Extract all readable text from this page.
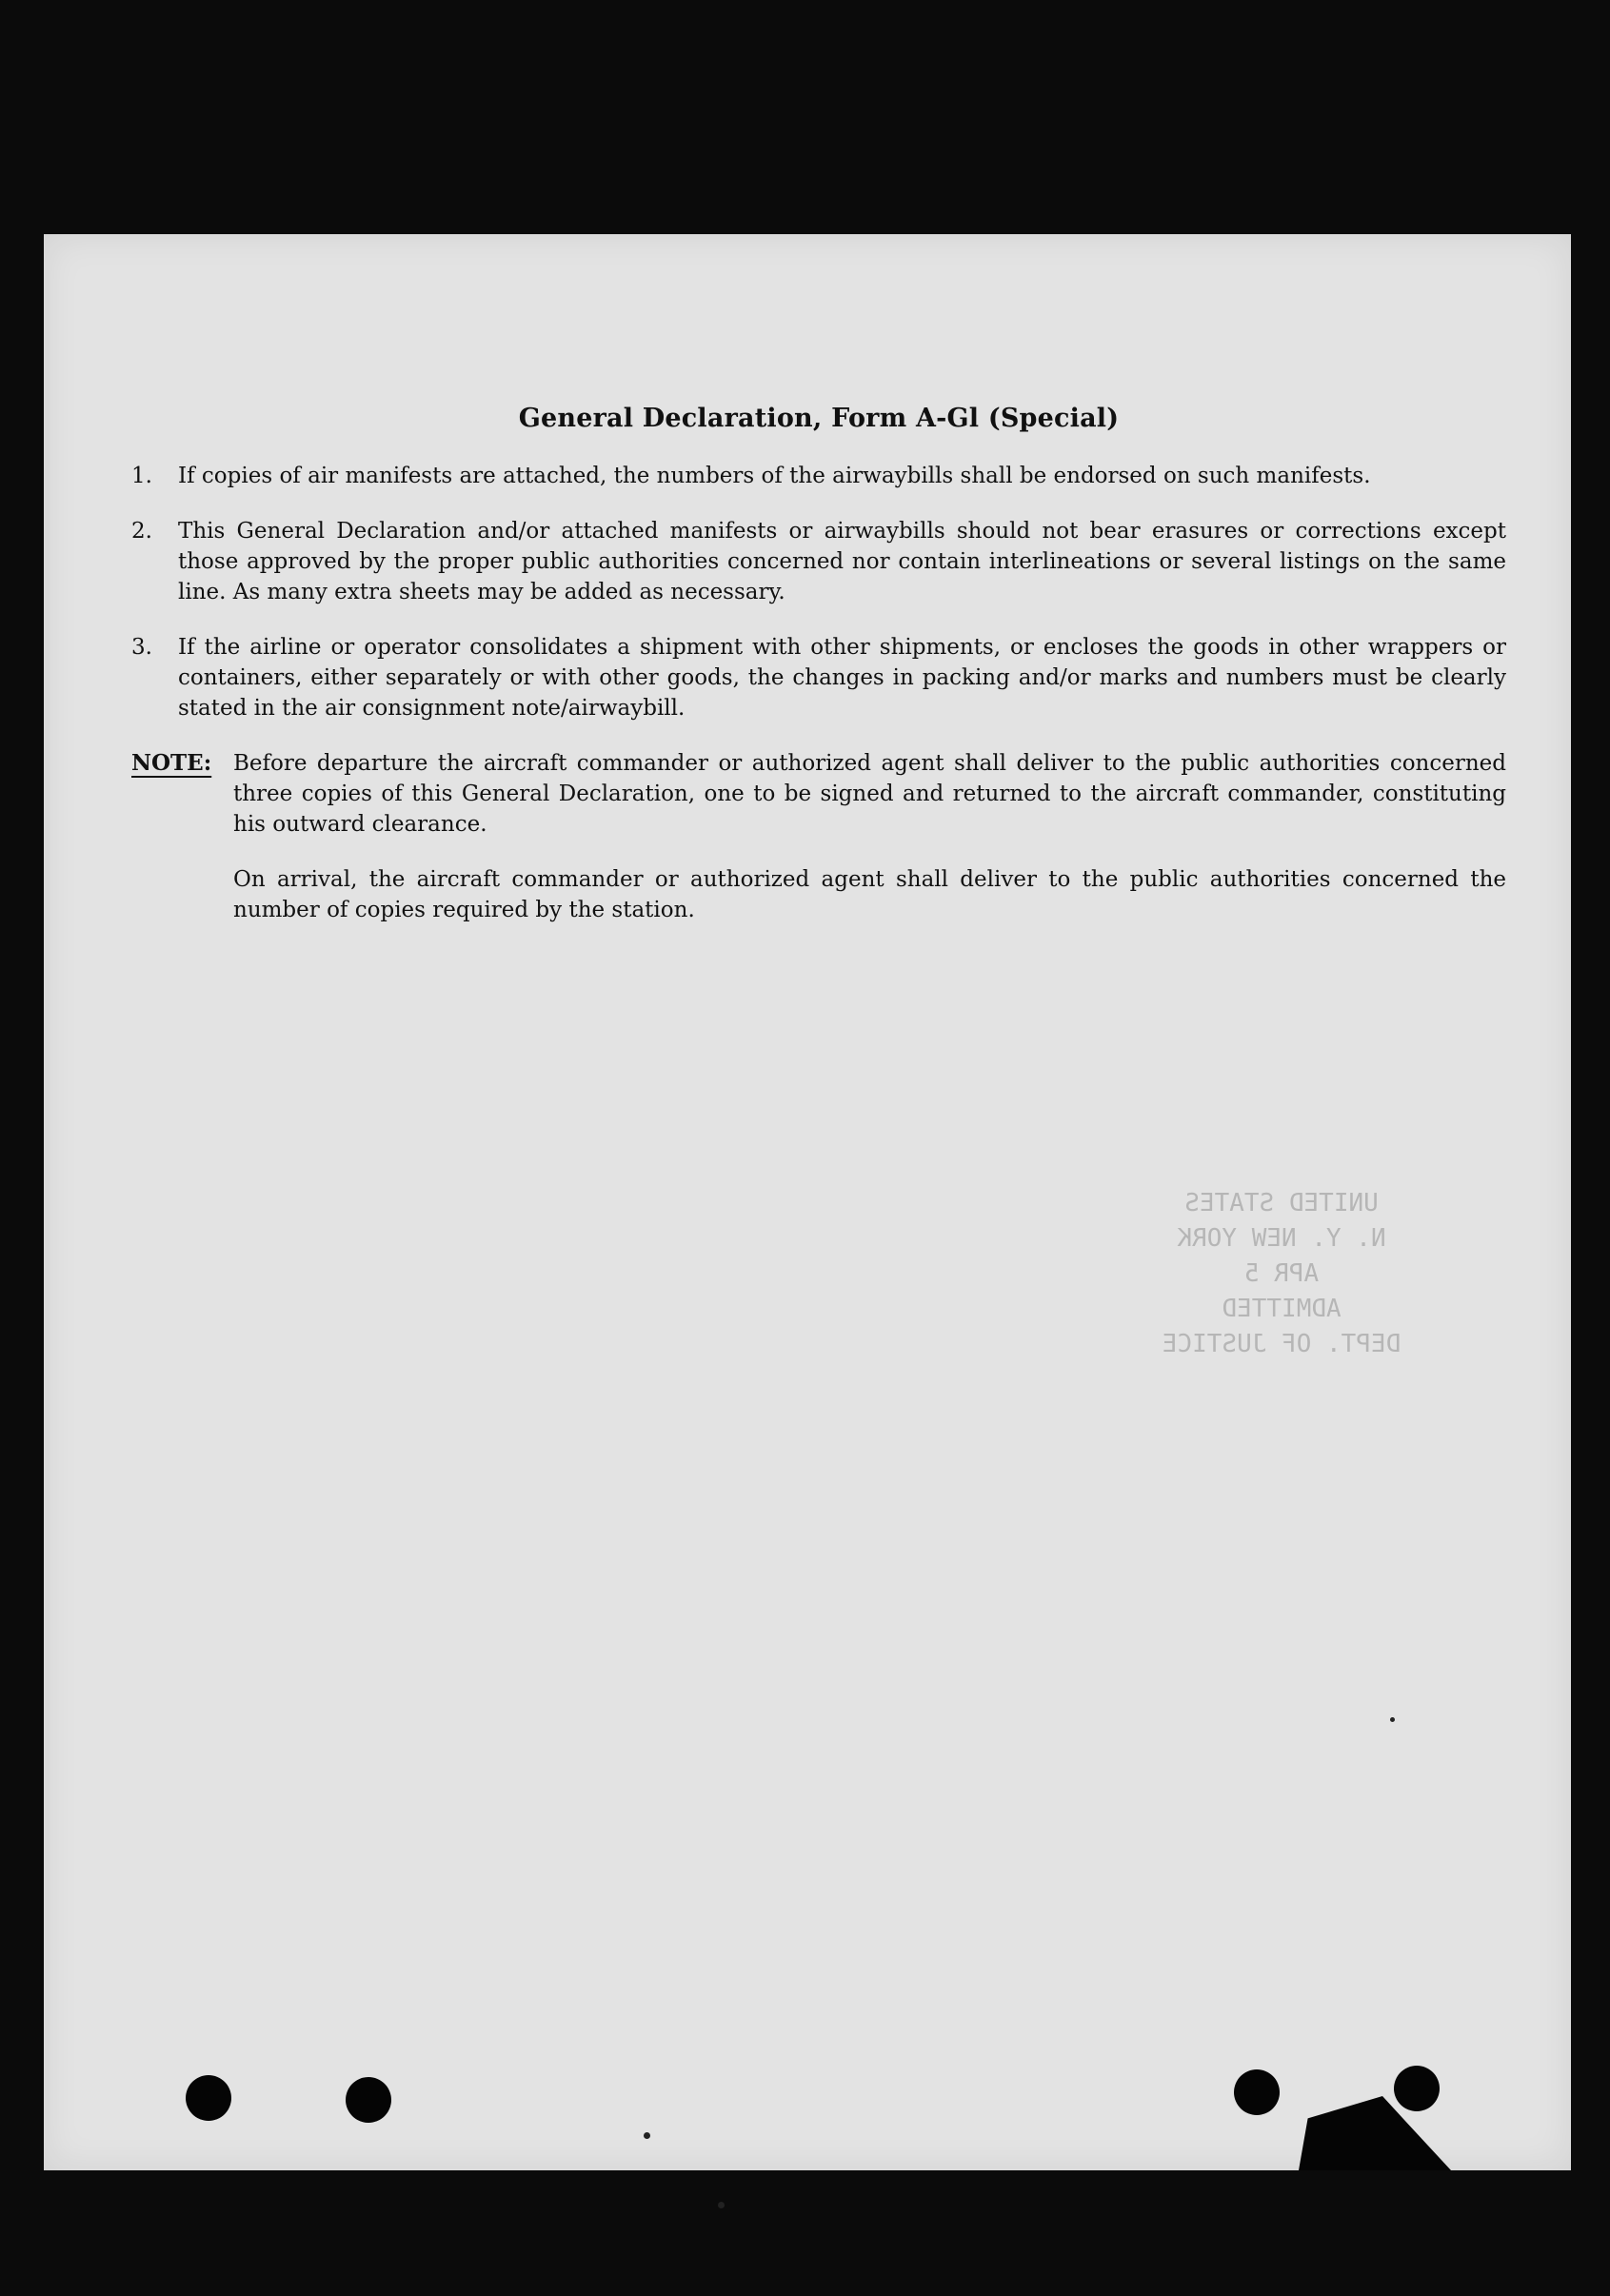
General Declaration, Form A-Gl (Special)
1.	If copies of air manifests are attached, the numbers of the airwaybills shall be endorsed on such manifests.
2.	This General Declaration and/or attached manifests or airwaybills should not bear erasures or corrections except those approved by the proper public authorities concerned nor contain interlineations or several listings on the same line. As many extra sheets may be added as necessary.
3.	If the airline or operator consolidates a shipment with other shipments, or encloses the goods in other wrappers or containers, either separately or with other goods, the changes in packing and/or marks and numbers must be clearly stated in the air consignment note/airwaybill.
NOTE: Before departure the aircraft commander or authorized agent shall deliver to the public authorities concerned three copies of this General Declaration, one to be signed and returned to the aircraft commander, constituting his outward clearance.

On arrival, the aircraft commander or authorized agent shall deliver to the public authorities concerned the number of copies required by the station.

UNITED STATES
N. Y. NEW YORK
APR 5
ADMITTED
DEPT. OF JUSTICE
